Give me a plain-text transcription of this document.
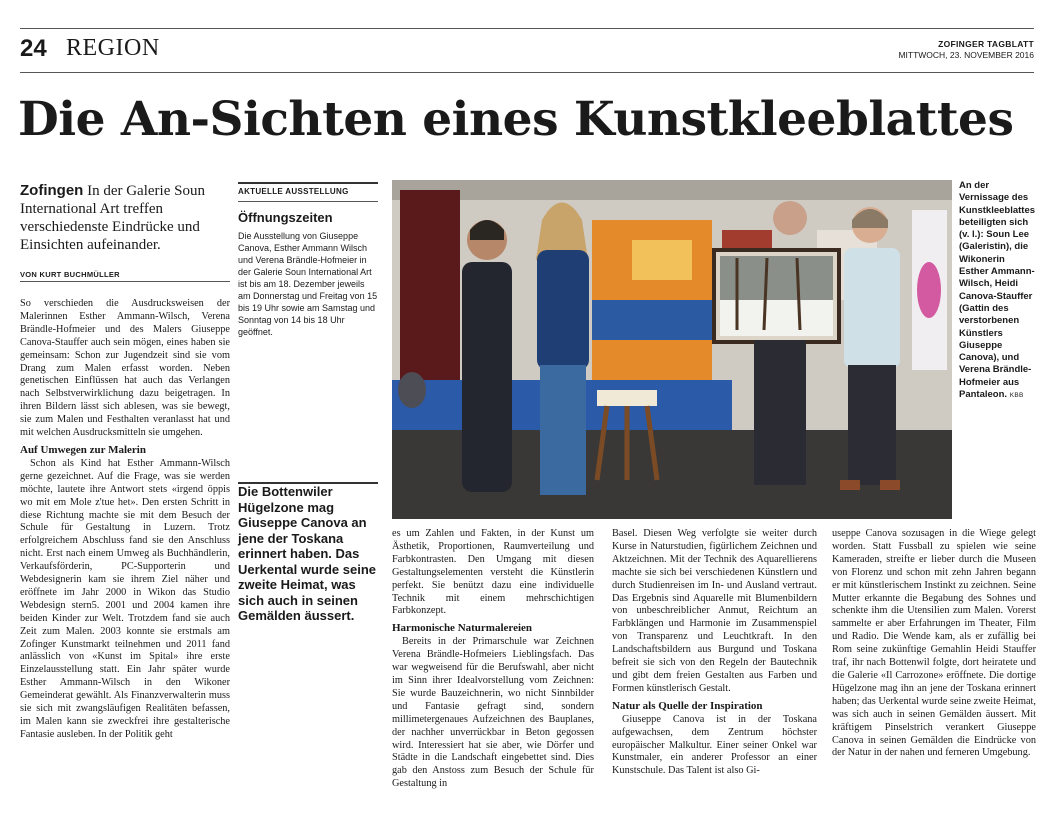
24 REGION	ZOFINGER TAGBLATT
MITTWOCH, 23. NOVEMBER 2016
Die An-Sichten eines Kunstkleeblattes
Zofingen In der Galerie Soun International Art treffen verschiedenste Eindrücke und Einsichten aufeinander.
VON KURT BUCHMÜLLER

So verschieden die Ausdrucksweisen der Malerinnen Esther Ammann-Wilsch, Verena Brändle-Hofmeier und des Malers Giuseppe Canova-Stauffer auch sein mögen, eines haben sie gemeinsam: Schon zur Jugendzeit sind sie vom Drang zum Malen erfasst worden. Neben genetischen Einflüssen hat auch das Verlangen nach Selbstverwirklichung dazu beigetragen. In ihren Bildern lässt sich ablesen, was sie bewegt, sie zum Malen und Festhalten veranlasst hat und mit welchen Ausdrucksmitteln sie umgehen.

Auf Umwegen zur Malerin

Schon als Kind hat Esther Ammann-Wilsch gerne gezeichnet. Auf die Frage, was sie werden möchte, lautete ihre Antwort stets «irgend öppis wo mit em Mole z'tue het». Den ersten Schritt in diese Richtung machte sie mit dem Besuch der Schule für Gestaltung in Luzern. Trotz erfolgreichem Abschluss fand sie den Anschluss nicht. Erst nach einem Umweg als Buchhändlerin, Verkaufsförderin, PC-Supporterin und Webdesignerin kam sie ihrem Ziel näher und eröffnete im Jahr 2000 in Wikon das Studio Webdesign stern5. 2001 und 2004 kamen ihre beiden Kinder zur Welt. Trotzdem fand sie auch Zeit zum Malen. 2003 konnte sie erstmals am Zofinger Kunstmarkt teilnehmen und 2011 fand anlässlich von «Kunst im Spital» ihre erste Einzelausstellung statt. Ein Jahr später wurde Esther Ammann-Wilsch in den Wikoner Gemeinderat gewählt. Als Finanzverwalterin muss sie sich mit zwangsläufigen Realitäten befassen, im Malen kann sie zweckfrei ihre gestalterische Fantasie ausleben. In der Politik geht

AKTUELLE AUSSTELLUNG
Öffnungszeiten
Die Ausstellung von Giuseppe Canova, Esther Ammann Wilsch und Verena Brändle-Hofmeier in der Galerie Soun International Art ist bis am 18. Dezember jeweils am Donnerstag und Freitag von 15 bis 19 Uhr sowie am Samstag und Sonntag von 14 bis 18 Uhr geöffnet.
Die Bottenwiler Hügelzone mag Giuseppe Canova an jene der Toskana erinnert haben. Das Uerkental wurde seine zweite Heimat, was sich auch in seinen Gemälden äussert.
An der Vernissage des Kunstkleeblattes beteiligten sich (v. l.): Soun Lee (Galeristin), die Wikonerin Esther Ammann-Wilsch, Heidi Canova-Stauffer (Gattin des verstorbenen Künstlers Giuseppe Canova), und Verena Brändle-Hofmeier aus Pantaleon. KBB

es um Zahlen und Fakten, in der Kunst um Ästhetik, Proportionen, Raumverteilung und Farbkontrasten. Den Umgang mit diesen Gestaltungselementen versteht die Künstlerin perfekt. Sie benützt dazu eine individuelle Technik mit einem mehrschichtigen Farbkonzept.

Harmonische Naturmalereien

Bereits in der Primarschule war Zeichnen Verena Brändle-Hofmeiers Lieblingsfach. Das war wegweisend für die Berufswahl, aber nicht im Sinn ihrer Idealvorstellung vom Zeichnen: Sie wurde Bauzeichnerin, wo nicht Sinnbilder und Fantasie gefragt sind, sondern millimetergenaues Aufzeichnen des Bauplanes, der nachher unverrückbar in Beton gegossen wird. Interessiert hat sie aber, wie Dörfer und Städte in die Landschaft eingebettet sind. Dies gab den Anstoss zum Besuch der Schule für Gestaltung in

Basel. Diesen Weg verfolgte sie weiter durch Kurse in Naturstudien, figürlichem Zeichnen und Aktzeichnen. Mit der Technik des Aquarellierens machte sie sich bei verschiedenen Künstlern und durch Studienreisen im In- und Ausland vertraut. Das Ergebnis sind Aquarelle mit Blumenbildern von unbeschreiblicher Anmut, Reichtum an Farbklängen und Harmonie im Zusammenspiel von Transparenz und Leuchtkraft. In den Landschaftsbildern aus Burgund und Toskana befreit sie sich von den Regeln der Bautechnik und gibt dem freien Gestalten aus Farben und Formen künstlerisch Gestalt.

Natur als Quelle der Inspiration

Giuseppe Canova ist in der Toskana aufgewachsen, dem Zentrum höchster europäischer Malkultur. Einer seiner Onkel war Kunstmaler, ein anderer Professor an einer Kunstschule. Das Talent ist also Gi-

useppe Canova sozusagen in die Wiege gelegt worden. Statt Fussball zu spielen wie seine Kameraden, streifte er lieber durch die Museen von Florenz und schon mit zehn Jahren begann er mit künstlerischem Instinkt zu zeichnen. Seine Mutter erkannte die Begabung des Sohnes und schenkte ihm die Utensilien zum Malen. Vorerst sammelte er aber Erfahrungen im Theater, Film und Radio. Die Wende kam, als er zufällig bei Rom seine zukünftige Gemahlin Heidi Stauffer traf, ihr nach Bottenwil folgte, dort heiratete und die Galerie «Il Carrozone» eröffnete. Die dortige Hügelzone mag ihn an jene der Toskana erinnert haben; das Uerkental wurde seine zweite Heimat, was sich auch in seinen Gemälden äussert. Mit kräftigem Pinselstrich verankert Giuseppe Canova in seinen Gemälden die Eindrücke von der Natur in der nahen und ferneren Umgebung.
